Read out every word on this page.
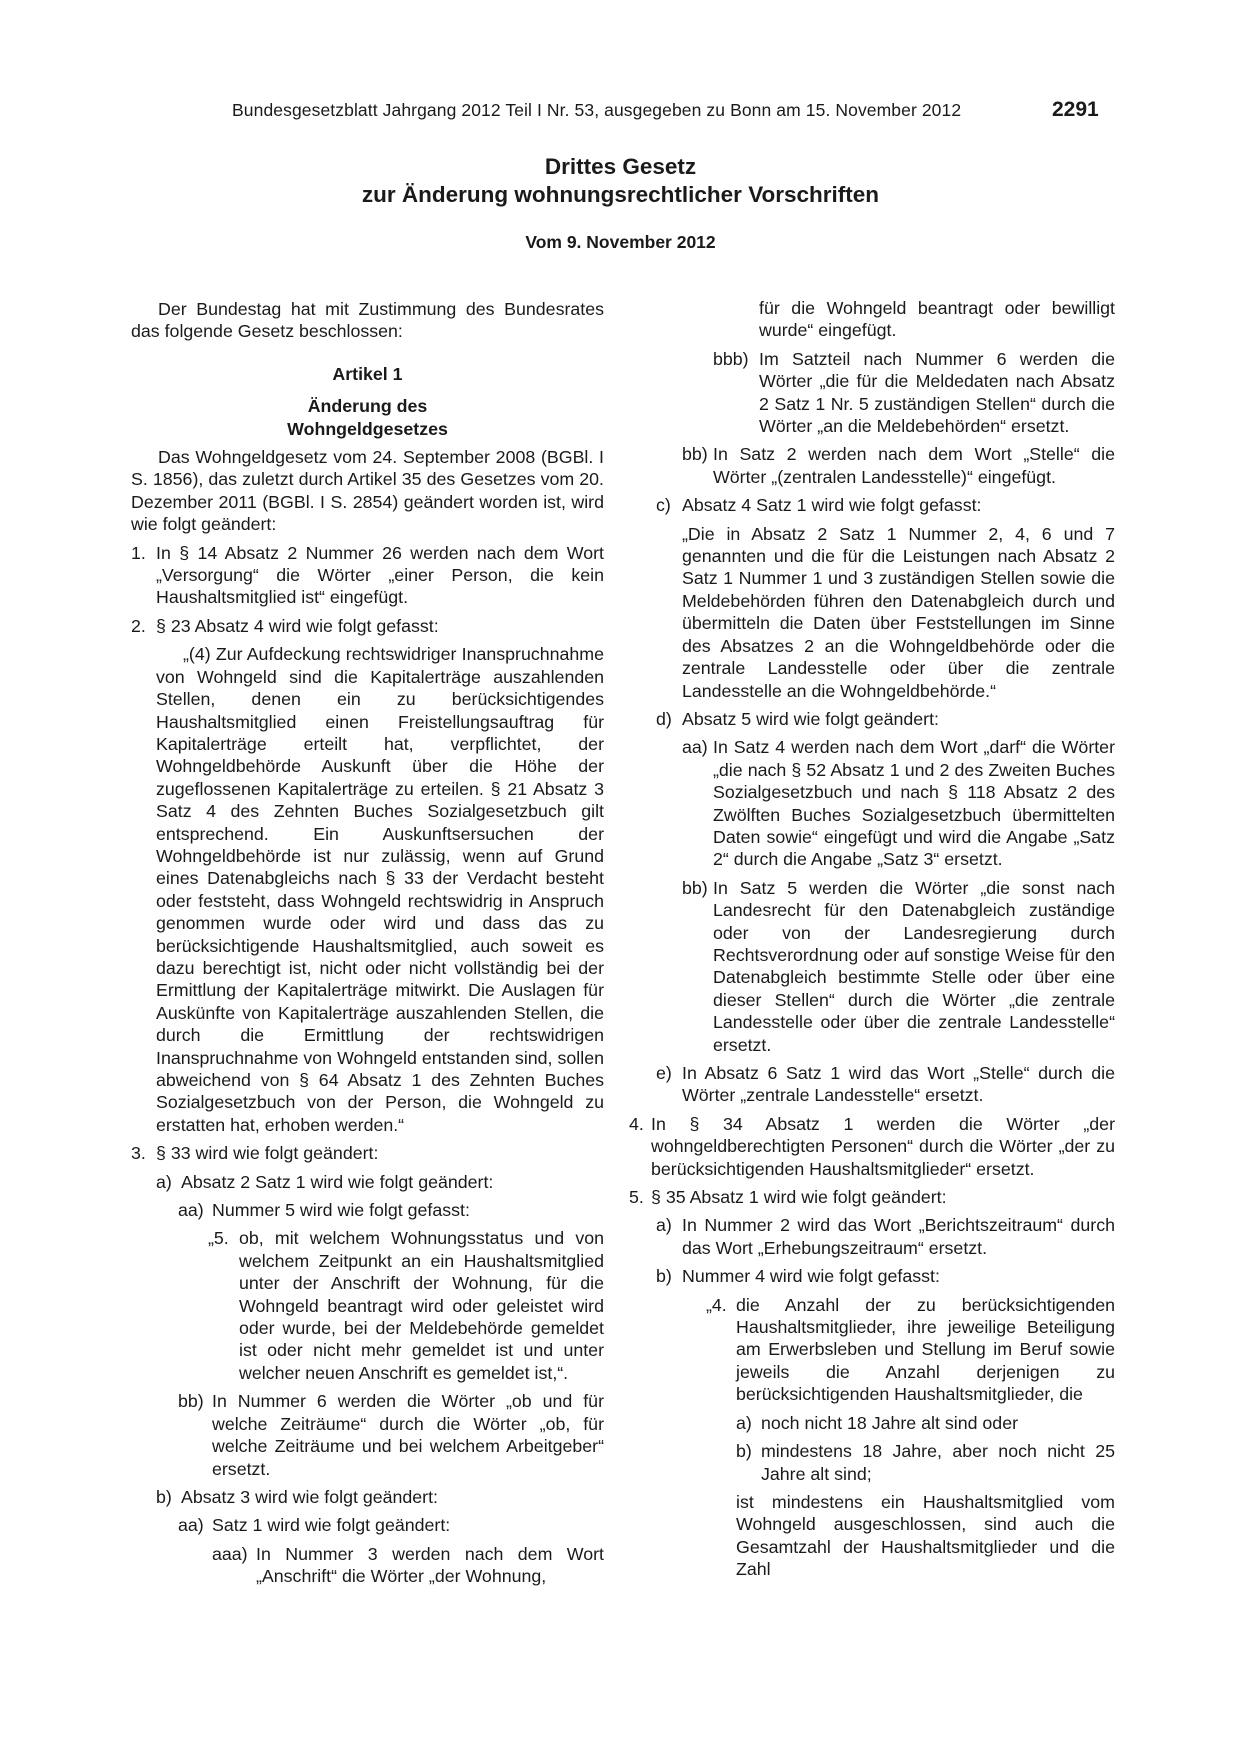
Bundesgesetzblatt Jahrgang 2012 Teil I Nr. 53, ausgegeben zu Bonn am 15. November 2012	2291
Drittes Gesetz
zur Änderung wohnungsrechtlicher Vorschriften
Vom 9. November 2012

Der Bundestag hat mit Zustimmung des Bundesrates das folgende Gesetz beschlossen:

Artikel 1

Änderung des

Wohngeldgesetzes

Das Wohngeldgesetz vom 24. September 2008 (BGBl. I S. 1856), das zuletzt durch Artikel 35 des Gesetzes vom 20. Dezember 2011 (BGBl. I S. 2854) geändert worden ist, wird wie folgt geändert:

1. In § 14 Absatz 2 Nummer 26 werden nach dem Wort „Versorgung“ die Wörter „einer Person, die kein Haushaltsmitglied ist“ eingefügt.
2. § 23 Absatz 4 wird wie folgt gefasst:

„(4) Zur Aufdeckung rechtswidriger Inanspruchnahme von Wohngeld sind die Kapitalerträge auszahlenden Stellen, denen ein zu berücksichtigendes Haushaltsmitglied einen Freistellungsauftrag für Kapitalerträge erteilt hat, verpflichtet, der Wohngeldbehörde Auskunft über die Höhe der zugeflossenen Kapitalerträge zu erteilen. § 21 Absatz 3 Satz 4 des Zehnten Buches Sozialgesetzbuch gilt entsprechend. Ein Auskunftsersuchen der Wohngeldbehörde ist nur zulässig, wenn auf Grund eines Datenabgleichs nach § 33 der Verdacht besteht oder feststeht, dass Wohngeld rechtswidrig in Anspruch genommen wurde oder wird und dass das zu berücksichtigende Haushaltsmitglied, auch soweit es dazu berechtigt ist, nicht oder nicht vollständig bei der Ermittlung der Kapitalerträge mitwirkt. Die Auslagen für Auskünfte von Kapitalerträge auszahlenden Stellen, die durch die Ermittlung der rechtswidrigen Inanspruchnahme von Wohngeld entstanden sind, sollen abweichend von § 64 Absatz 1 des Zehnten Buches Sozialgesetzbuch von der Person, die Wohngeld zu erstatten hat, erhoben werden.“

3. § 33 wird wie folgt geändert:
a) Absatz 2 Satz 1 wird wie folgt geändert:
aa) Nummer 5 wird wie folgt gefasst:
„5. ob, mit welchem Wohnungsstatus und von welchem Zeitpunkt an ein Haushaltsmitglied unter der Anschrift der Wohnung, für die Wohngeld beantragt wird oder geleistet wird oder wurde, bei der Meldebehörde gemeldet ist oder nicht mehr gemeldet ist und unter welcher neuen Anschrift es gemeldet ist,“.
bb) In Nummer 6 werden die Wörter „ob und für welche Zeiträume“ durch die Wörter „ob, für welche Zeiträume und bei welchem Arbeitgeber“ ersetzt.
b) Absatz 3 wird wie folgt geändert:
aa) Satz 1 wird wie folgt geändert:
aaa) In Nummer 3 werden nach dem Wort „Anschrift“ die Wörter „der Wohnung,

für die Wohngeld beantragt oder bewilligt wurde“ eingefügt.

bbb) Im Satzteil nach Nummer 6 werden die Wörter „die für die Meldedaten nach Absatz 2 Satz 1 Nr. 5 zuständigen Stellen“ durch die Wörter „an die Meldebehörden“ ersetzt.
bb) In Satz 2 werden nach dem Wort „Stelle“ die Wörter „(zentralen Landesstelle)“ eingefügt.
c) Absatz 4 Satz 1 wird wie folgt gefasst:

„Die in Absatz 2 Satz 1 Nummer 2, 4, 6 und 7 genannten und die für die Leistungen nach Absatz 2 Satz 1 Nummer 1 und 3 zuständigen Stellen sowie die Meldebehörden führen den Datenabgleich durch und übermitteln die Daten über Feststellungen im Sinne des Absatzes 2 an die Wohngeldbehörde oder die zentrale Landesstelle oder über die zentrale Landesstelle an die Wohngeldbehörde.“

d) Absatz 5 wird wie folgt geändert:
aa) In Satz 4 werden nach dem Wort „darf“ die Wörter „die nach § 52 Absatz 1 und 2 des Zweiten Buches Sozialgesetzbuch und nach § 118 Absatz 2 des Zwölften Buches Sozialgesetzbuch übermittelten Daten sowie“ eingefügt und wird die Angabe „Satz 2“ durch die Angabe „Satz 3“ ersetzt.
bb) In Satz 5 werden die Wörter „die sonst nach Landesrecht für den Datenabgleich zuständige oder von der Landesregierung durch Rechtsverordnung oder auf sonstige Weise für den Datenabgleich bestimmte Stelle oder über eine dieser Stellen“ durch die Wörter „die zentrale Landesstelle oder über die zentrale Landesstelle“ ersetzt.
e) In Absatz 6 Satz 1 wird das Wort „Stelle“ durch die Wörter „zentrale Landesstelle“ ersetzt.
4. In § 34 Absatz 1 werden die Wörter „der wohngeldberechtigten Personen“ durch die Wörter „der zu berücksichtigenden Haushaltsmitglieder“ ersetzt.
5. § 35 Absatz 1 wird wie folgt geändert:
a) In Nummer 2 wird das Wort „Berichtszeitraum“ durch das Wort „Erhebungszeitraum“ ersetzt.
b) Nummer 4 wird wie folgt gefasst:
„4. die Anzahl der zu berücksichtigenden Haushaltsmitglieder, ihre jeweilige Beteiligung am Erwerbsleben und Stellung im Beruf sowie jeweils die Anzahl derjenigen zu berücksichtigenden Haushaltsmitglieder, die
a) noch nicht 18 Jahre alt sind oder
b) mindestens 18 Jahre, aber noch nicht 25 Jahre alt sind;

ist mindestens ein Haushaltsmitglied vom Wohngeld ausgeschlossen, sind auch die Gesamtzahl der Haushaltsmitglieder und die Zahl
